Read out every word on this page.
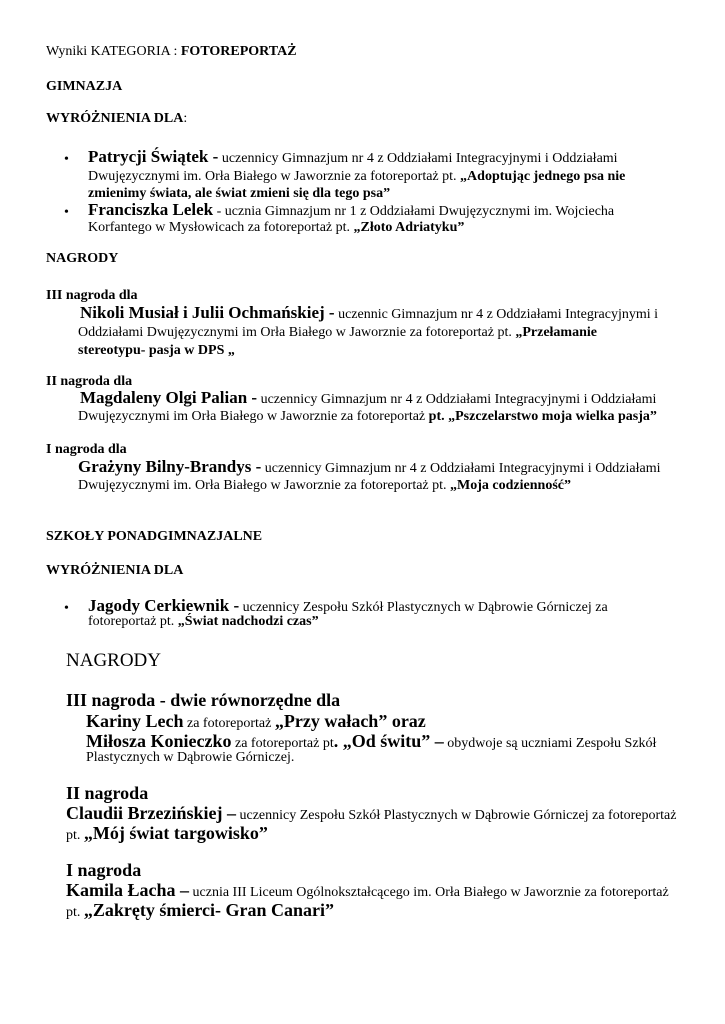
Wyniki KATEGORIA : FOTOREPORTAŻ
GIMNAZJA
WYRÓŻNIENIA DLA:
• Patrycji Świątek - uczennicy Gimnazjum nr 4 z Oddziałami Integracyjnymi i Oddziałami
Dwujęzycznymi im. Orła Białego w Jaworznie za fotoreportaż pt. „Adoptując jednego psa nie
zmienimy świata, ale świat zmieni się dla tego psa”
• Franciszka Lelek - ucznia Gimnazjum nr 1 z Oddziałami Dwujęzycznymi im. Wojciecha
Korfantego w Mysłowicach za fotoreportaż pt. „Złoto Adriatyku”
NAGRODY
III nagroda dla
Nikoli Musiał i Julii Ochmańskiej - uczennic Gimnazjum nr 4 z Oddziałami Integracyjnymi i
Oddziałami Dwujęzycznymi im Orła Białego w Jaworznie za fotoreportaż pt. „Przełamanie
stereotypu- pasja w DPS „
II nagroda dla
Magdaleny Olgi Palian - uczennicy Gimnazjum nr 4 z Oddziałami Integracyjnymi i Oddziałami
Dwujęzycznymi im Orła Białego w Jaworznie za fotoreportaż pt. „Pszczelarstwo moja wielka pasja”
I nagroda dla
Grażyny Bilny-Brandys - uczennicy Gimnazjum nr 4 z Oddziałami Integracyjnymi i Oddziałami
Dwujęzycznymi im. Orła Białego w Jaworznie za fotoreportaż pt. „Moja codzienność”
SZKOŁY PONADGIMNAZJALNE
WYRÓŻNIENIA DLA
• Jagody Cerkiewnik - uczennicy Zespołu Szkół Plastycznych w Dąbrowie Górniczej za
fotoreportaż pt. „Świat nadchodzi czas”
NAGRODY
III nagroda - dwie równorzędne dla
Kariny Lech za fotoreportaż „Przy wałach” oraz
Miłosza Konieczko za fotoreportaż pt. „Od świtu” – obydwoje są uczniami Zespołu Szkół
Plastycznych w Dąbrowie Górniczej.
II nagroda
Claudii Brzezińskiej – uczennicy Zespołu Szkół Plastycznych w Dąbrowie Górniczej za fotoreportaż
pt. „Mój świat targowisko”
I nagroda
Kamila Łacha – ucznia III Liceum Ogólnokształcącego im. Orła Białego w Jaworznie za fotoreportaż
pt. „Zakręty śmierci- Gran Canari”
